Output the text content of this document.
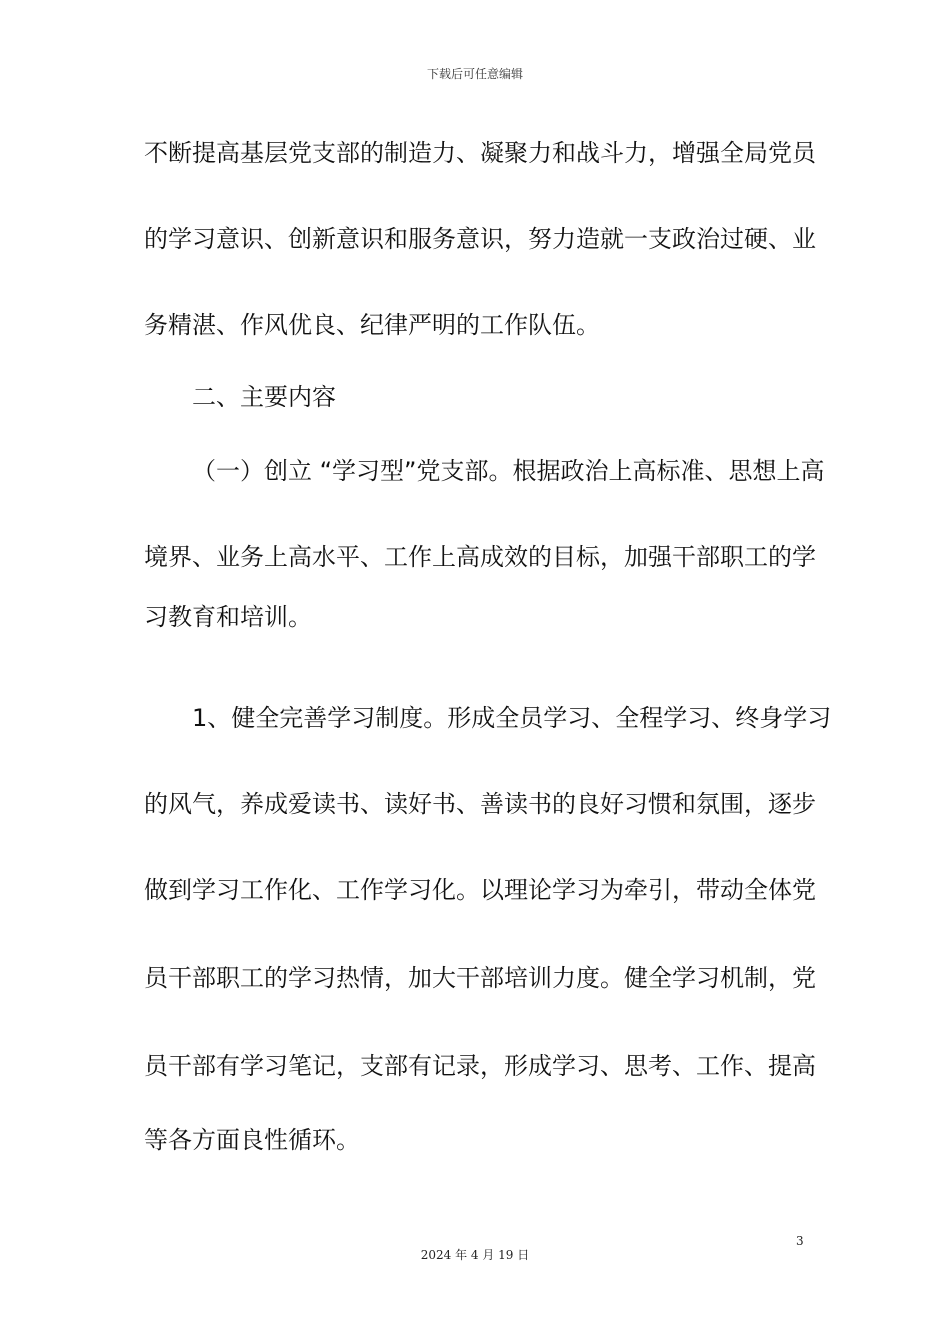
下载后可任意编辑
不断提高基层党支部的制造力、凝聚力和战斗力，增强全局党员
的学习意识、创新意识和服务意识，努力造就一支政治过硬、业
务精湛、作风优良、纪律严明的工作队伍。
二、主要内容
（一）创立 “学习型”党支部。根据政治上高标准、思想上高
境界、业务上高水平、工作上高成效的目标，加强干部职工的学
习教育和培训。
1、健全完善学习制度。形成全员学习、全程学习、终身学习
的风气，养成爱读书、读好书、善读书的良好习惯和氛围，逐步
做到学习工作化、工作学习化。以理论学习为牵引，带动全体党
员干部职工的学习热情，加大干部培训力度。健全学习机制，党
员干部有学习笔记，支部有记录，形成学习、思考、工作、提高
等各方面良性循环。
3
2024 年 4 月 19 日
